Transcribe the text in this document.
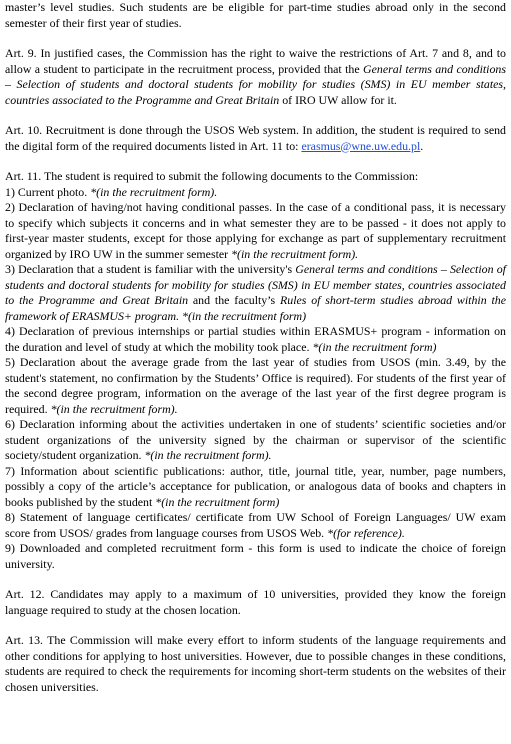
master’s level studies. Such students are be eligible for part-time studies abroad only in the second semester of their first year of studies.

Art. 9. In justified cases, the Commission has the right to waive the restrictions of Art. 7 and 8, and to allow a student to participate in the recruitment process, provided that the General terms and conditions – Selection of students and doctoral students for mobility for studies (SMS) in EU member states, countries associated to the Programme and Great Britain of IRO UW allow for it.

Art. 10. Recruitment is done through the USOS Web system. In addition, the student is required to send the digital form of the required documents listed in Art. 11 to: erasmus@wne.uw.edu.pl.

Art. 11. The student is required to submit the following documents to the Commission:

1) Current photo. *(in the recruitment form).

2) Declaration of having/not having conditional passes. In the case of a conditional pass, it is necessary to specify which subjects it concerns and in what semester they are to be passed - it does not apply to first-year master students, except for those applying for exchange as part of supplementary recruitment organized by IRO UW in the summer semester *(in the recruitment form).

3) Declaration that a student is familiar with the university's General terms and conditions – Selection of students and doctoral students for mobility for studies (SMS) in EU member states, countries associated to the Programme and Great Britain and the faculty’s Rules of short-term studies abroad within the framework of ERASMUS+ program. *(in the recruitment form)

4) Declaration of previous internships or partial studies within ERASMUS+ program - information on the duration and level of study at which the mobility took place. *(in the recruitment form)

5) Declaration about the average grade from the last year of studies from USOS (min. 3.49, by the student's statement, no confirmation by the Students’ Office is required). For students of the first year of the second degree program, information on the average of the last year of the first degree program is required. *(in the recruitment form).

6) Declaration informing about the activities undertaken in one of students’ scientific societies and/or student organizations of the university signed by the chairman or supervisor of the scientific society/student organization. *(in the recruitment form).

7) Information about scientific publications: author, title, journal title, year, number, page numbers, possibly a copy of the article’s acceptance for publication, or analogous data of books and chapters in books published by the student *(in the recruitment form)

8) Statement of language certificates/ certificate from UW School of Foreign Languages/ UW exam score from USOS/ grades from language courses from USOS Web. *(for reference).

9) Downloaded and completed recruitment form - this form is used to indicate the choice of foreign university.

Art. 12. Candidates may apply to a maximum of 10 universities, provided they know the foreign language required to study at the chosen location.

Art. 13. The Commission will make every effort to inform students of the language requirements and other conditions for applying to host universities. However, due to possible changes in these conditions, students are required to check the requirements for incoming short-term students on the websites of their chosen universities.
